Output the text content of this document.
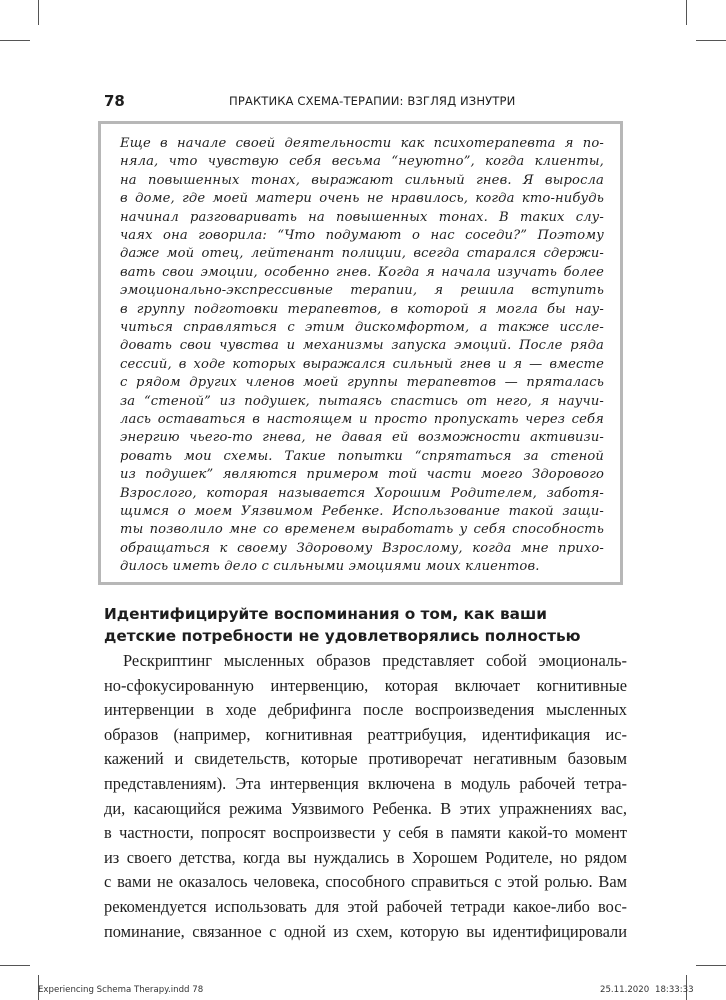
78	ПРАКТИКА СХЕМА-ТЕРАПИИ: ВЗГЛЯД ИЗНУТРИ
Еще в начале своей деятельности как психотерапевта я по-
няла, что чувствую себя весьма “неуютно”, когда клиенты,
на повышенных тонах, выражают сильный гнев. Я выросла
в доме, где моей матери очень не нравилось, когда кто-нибудь
начинал разговаривать на повышенных тонах. В таких слу-
чаях она говорила: “Что подумают о нас соседи?” Поэтому
даже мой отец, лейтенант полиции, всегда старался сдержи-
вать свои эмоции, особенно гнев. Когда я начала изучать более
эмоционально-экспрессивные терапии, я решила вступить
в группу подготовки терапевтов, в которой я могла бы нау-
читься справляться с этим дискомфортом, а также иссле-
довать свои чувства и механизмы запуска эмоций. После ряда
сессий, в ходе которых выражался сильный гнев и я — вместе
с рядом других членов моей группы терапевтов — пряталась
за “стеной” из подушек, пытаясь спастись от него, я научи-
лась оставаться в настоящем и просто пропускать через себя
энергию чьего-то гнева, не давая ей возможности активизи-
ровать мои схемы. Такие попытки “спрятаться за стеной
из подушек” являются примером той части моего Здорового
Взрослого, которая называется Хорошим Родителем, заботя-
щимся о моем Уязвимом Ребенке. Использование такой защи-
ты позволило мне со временем выработать у себя способность
обращаться к своему Здоровому Взрослому, когда мне прихо-
дилось иметь дело с сильными эмоциями моих клиентов.
Идентифицируйте воспоминания о том, как ваши
детские потребности не удовлетворялись полностью
Рескриптинг мысленных образов представляет собой эмоциональ-
но-сфокусированную интервенцию, которая включает когнитивные
интервенции в ходе дебрифинга после воспроизведения мысленных
образов (например, когнитивная реаттрибуция, идентификация ис-
кажений и свидетельств, которые противоречат негативным базовым
представлениям). Эта интервенция включена в модуль рабочей тетра-
ди, касающийся режима Уязвимого Ребенка. В этих упражнениях вас,
в частности, попросят воспроизвести у себя в памяти какой-то момент
из своего детства, когда вы нуждались в Хорошем Родителе, но рядом
с вами не оказалось человека, способного справиться с этой ролью. Вам
рекомендуется использовать для этой рабочей тетради какое-либо вос-
поминание, связанное с одной из схем, которую вы идентифицировали
Experiencing Schema Therapy.indd 78	25.11.2020 18:33:33
